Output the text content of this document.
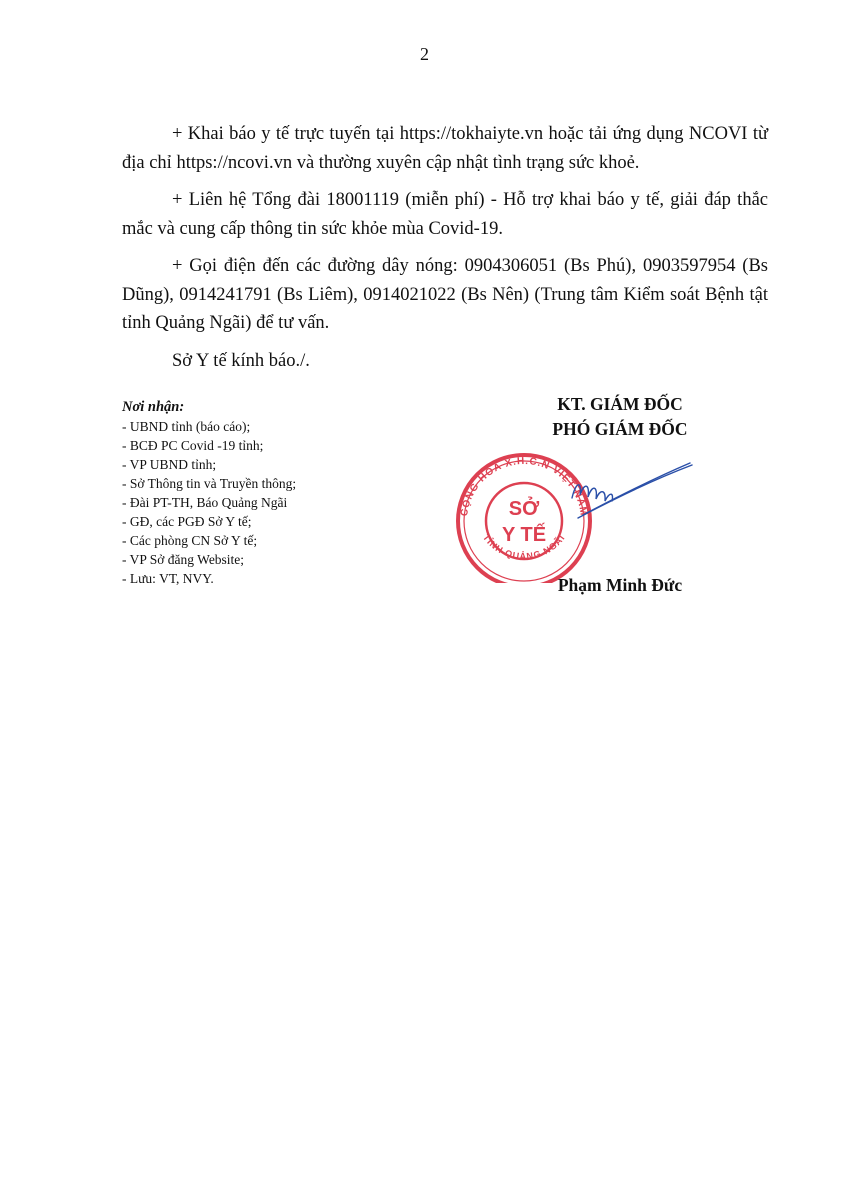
2

+ Khai báo y tế trực tuyến tại https://tokhaiyte.vn hoặc tải ứng dụng NCOVI từ địa chỉ https://ncovi.vn và thường xuyên cập nhật tình trạng sức khoẻ.

+ Liên hệ Tổng đài 18001119 (miễn phí) - Hỗ trợ khai báo y tế, giải đáp thắc mắc và cung cấp thông tin sức khỏe mùa Covid-19.

+ Gọi điện đến các đường dây nóng: 0904306051 (Bs Phú), 0903597954 (Bs Dũng), 0914241791 (Bs Liêm), 0914021022 (Bs Nên) (Trung tâm Kiểm soát Bệnh tật tỉnh Quảng Ngãi) để tư vấn.

Sở Y tế kính báo./.

Nơi nhận:
- UBND tỉnh (báo cáo);
- BCĐ PC Covid -19 tỉnh;
- VP UBND tỉnh;
- Sở Thông tin và Truyền thông;
- Đài PT-TH, Báo Quảng Ngãi
- GĐ, các PGĐ Sở Y tế;
- Các phòng CN Sở Y tế;
- VP Sở đăng Website;
- Lưu: VT, NVY.
KT. GIÁM ĐỐC
PHÓ GIÁM ĐỐC
CỘNG HÒA X.H.C.N VIỆT NAM
TỈNH QUẢNG NGÃI
SỞ
Y TẾ
Phạm Minh Đức
